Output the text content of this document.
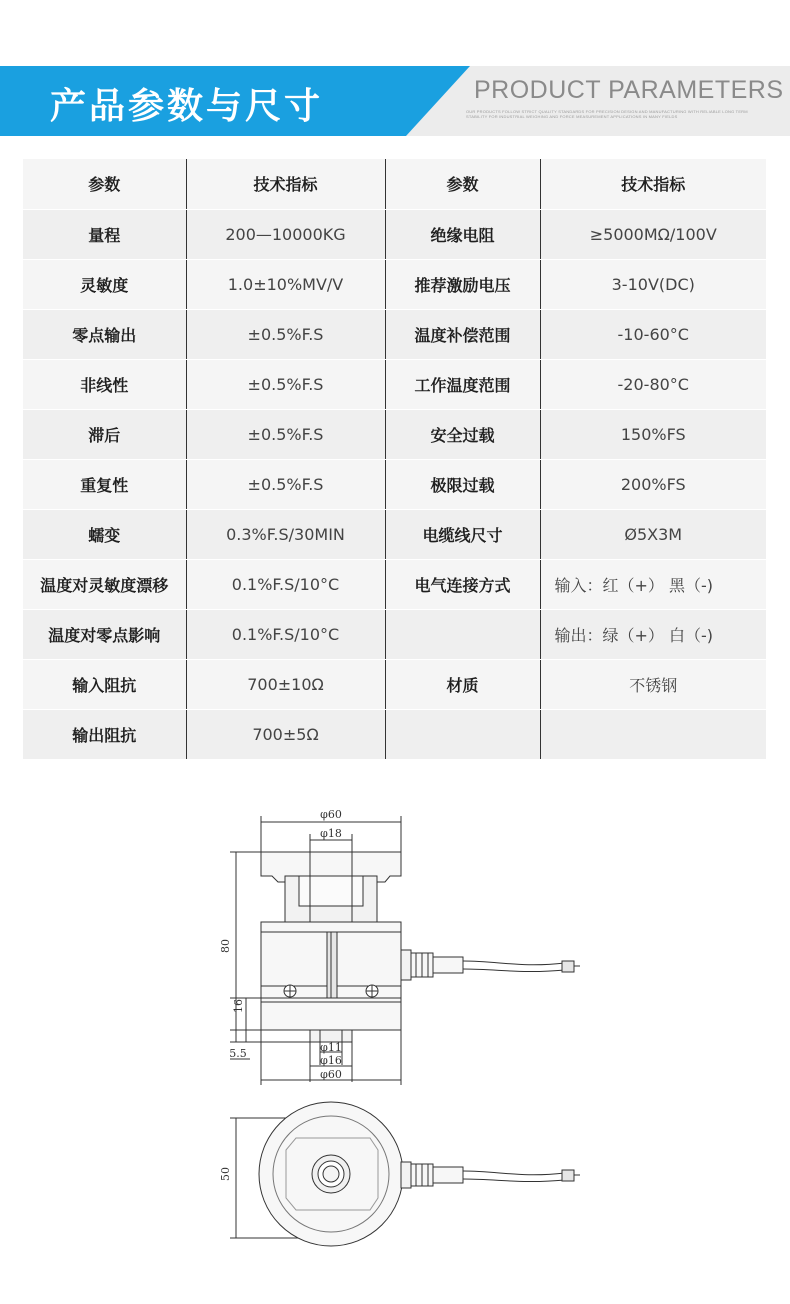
产品参数与尺寸	PRODUCT PARAMETERS
OUR PRODUCTS FOLLOW STRICT QUALITY STANDARDS FOR PRECISION DESIGN AND MANUFACTURING WITH RELIABLE LONG TERM STABILITY FOR INDUSTRIAL WEIGHING AND FORCE MEASUREMENT APPLICATIONS IN MANY FIELDS
参数	技术指标	参数	技术指标
量程	200—10000KG	绝缘电阻	≥5000MΩ/100V
灵敏度	1.0±10%MV/V	推荐激励电压	3-10V(DC)
零点输出	±0.5%F.S	温度补偿范围	-10-60°C
非线性	±0.5%F.S	工作温度范围	-20-80°C
滞后	±0.5%F.S	安全过载	150%FS
重复性	±0.5%F.S	极限过载	200%FS
蠕变	0.3%F.S/30MIN	电缆线尺寸	Ø5X3M
温度对灵敏度漂移	0.1%F.S/10°C	电气连接方式	输入：红（+） 黑（-)
温度对零点影响	0.1%F.S/10°C		输出：绿（+） 白（-)
输入阻抗	700±10Ω	材质	不锈钢
输出阻抗	700±5Ω		
φ60
φ18
80
16
5.5	φ11
φ16
φ60
50
